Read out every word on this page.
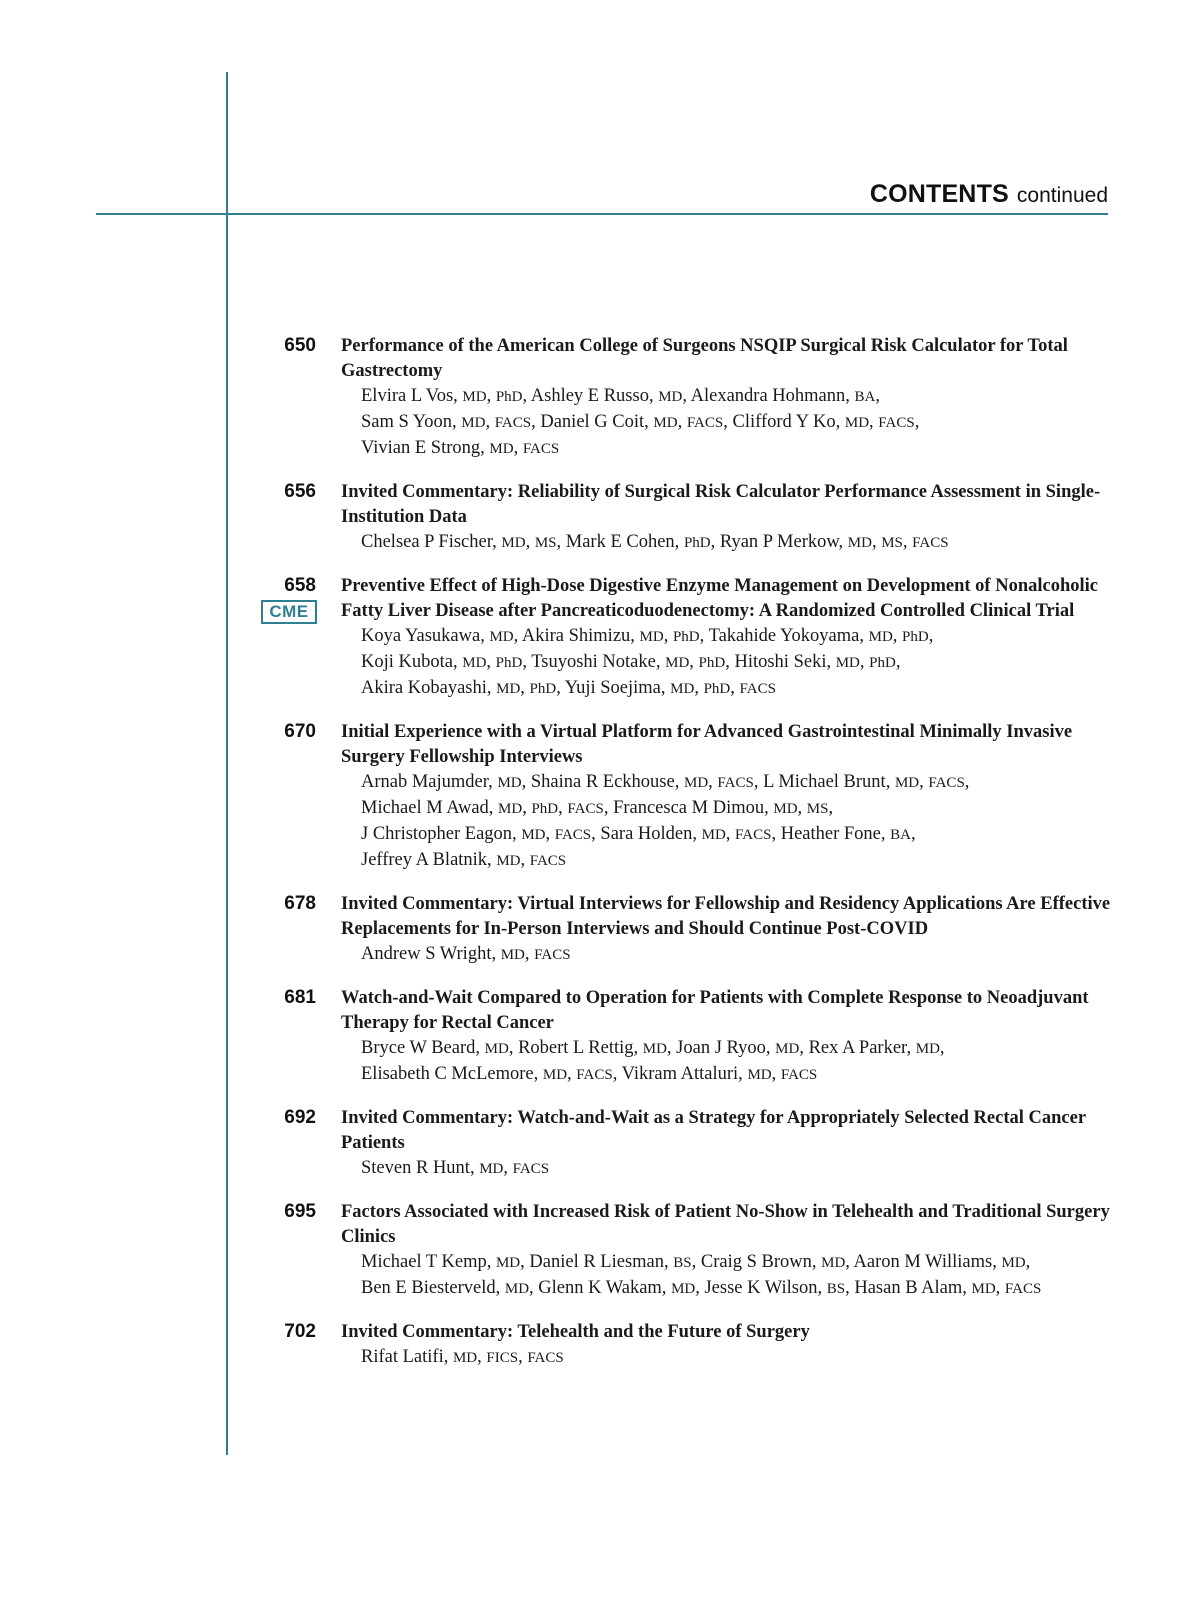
CONTENTS continued
650 Performance of the American College of Surgeons NSQIP Surgical Risk Calculator for Total Gastrectomy
Elvira L Vos, MD, PhD, Ashley E Russo, MD, Alexandra Hohmann, BA,
Sam S Yoon, MD, FACS, Daniel G Coit, MD, FACS, Clifford Y Ko, MD, FACS,
Vivian E Strong, MD, FACS
656 Invited Commentary: Reliability of Surgical Risk Calculator Performance Assessment in Single-Institution Data
Chelsea P Fischer, MD, MS, Mark E Cohen, PhD, Ryan P Merkow, MD, MS, FACS
658
CME
Preventive Effect of High-Dose Digestive Enzyme Management on Development of Nonalcoholic Fatty Liver Disease after Pancreaticoduodenectomy: A Randomized Controlled Clinical Trial
Koya Yasukawa, MD, Akira Shimizu, MD, PhD, Takahide Yokoyama, MD, PhD,
Koji Kubota, MD, PhD, Tsuyoshi Notake, MD, PhD, Hitoshi Seki, MD, PhD,
Akira Kobayashi, MD, PhD, Yuji Soejima, MD, PhD, FACS
670 Initial Experience with a Virtual Platform for Advanced Gastrointestinal Minimally Invasive Surgery Fellowship Interviews
Arnab Majumder, MD, Shaina R Eckhouse, MD, FACS, L Michael Brunt, MD, FACS,
Michael M Awad, MD, PhD, FACS, Francesca M Dimou, MD, MS,
J Christopher Eagon, MD, FACS, Sara Holden, MD, FACS, Heather Fone, BA,
Jeffrey A Blatnik, MD, FACS
678 Invited Commentary: Virtual Interviews for Fellowship and Residency Applications Are Effective Replacements for In-Person Interviews and Should Continue Post-COVID
Andrew S Wright, MD, FACS
681 Watch-and-Wait Compared to Operation for Patients with Complete Response to Neoadjuvant Therapy for Rectal Cancer
Bryce W Beard, MD, Robert L Rettig, MD, Joan J Ryoo, MD, Rex A Parker, MD,
Elisabeth C McLemore, MD, FACS, Vikram Attaluri, MD, FACS
692 Invited Commentary: Watch-and-Wait as a Strategy for Appropriately Selected Rectal Cancer Patients
Steven R Hunt, MD, FACS
695 Factors Associated with Increased Risk of Patient No-Show in Telehealth and Traditional Surgery Clinics
Michael T Kemp, MD, Daniel R Liesman, BS, Craig S Brown, MD, Aaron M Williams, MD,
Ben E Biesterveld, MD, Glenn K Wakam, MD, Jesse K Wilson, BS, Hasan B Alam, MD, FACS
702 Invited Commentary: Telehealth and the Future of Surgery
Rifat Latifi, MD, FICS, FACS
